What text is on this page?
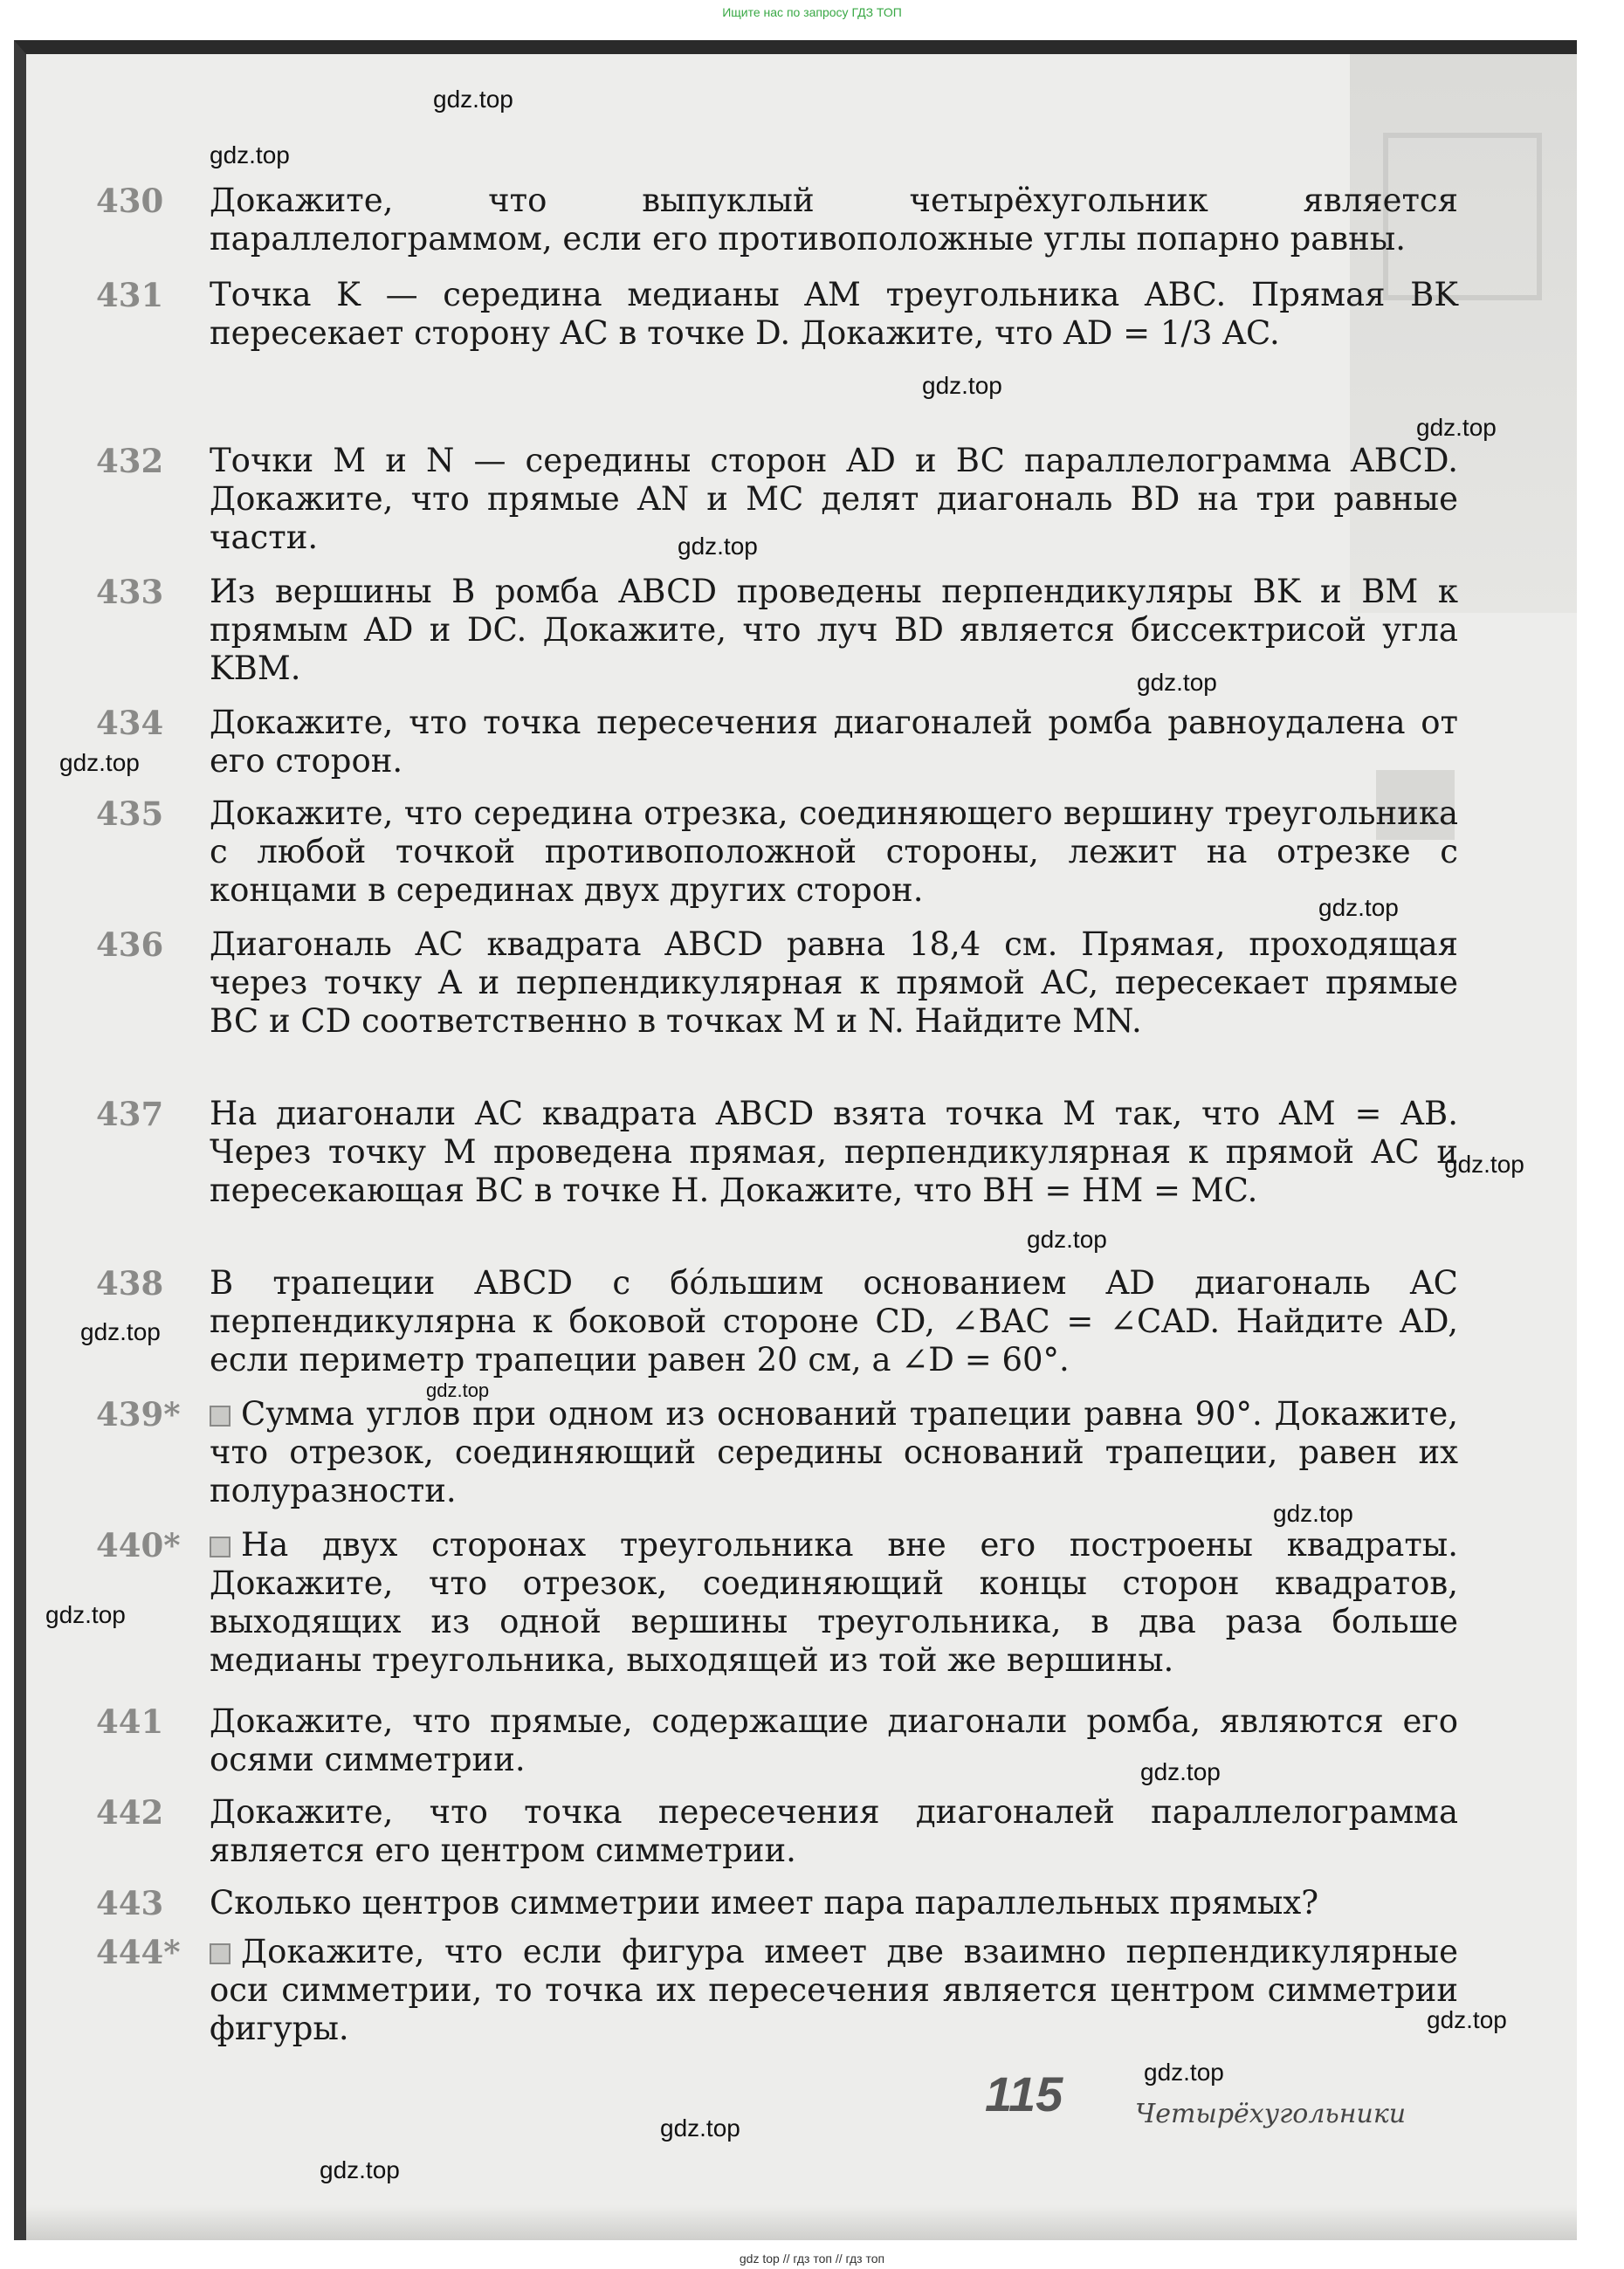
Ищите нас по запросу ГДЗ ТОП
430	Докажите, что выпуклый четырёхугольник является параллелограммом, если его противоположные углы попарно равны.
431	Точка K — середина медианы AM треугольника ABC. Прямая BK пересекает сторону AC в точке D. Докажите, что AD = 1/3 AC.
432	Точки M и N — середины сторон AD и BC параллелограмма ABCD. Докажите, что прямые AN и MC делят диагональ BD на три равные части.
433	Из вершины B ромба ABCD проведены перпендикуляры BK и BM к прямым AD и DC. Докажите, что луч BD является биссектрисой угла KBM.
434	Докажите, что точка пересечения диагоналей ромба равноудалена от его сторон.
435	Докажите, что середина отрезка, соединяющего вершину треугольника с любой точкой противоположной стороны, лежит на отрезке с концами в серединах двух других сторон.
436	Диагональ AC квадрата ABCD равна 18,4 см. Прямая, проходящая через точку A и перпендикулярная к прямой AC, пересекает прямые BC и CD соответственно в точках M и N. Найдите MN.
437	На диагонали AC квадрата ABCD взята точка M так, что AM = AB. Через точку M проведена прямая, перпендикулярная к прямой AC и пересекающая BC в точке H. Докажите, что BH = HM = MC.
438	В трапеции ABCD с бóльшим основанием AD диагональ AC перпендикулярна к боковой стороне CD, ∠BAC = ∠CAD. Найдите AD, если периметр трапеции равен 20 см, а ∠D = 60°.
439*	Сумма углов при одном из оснований трапеции равна 90°. Докажите, что отрезок, соединяющий середины оснований трапеции, равен их полуразности.
440*	На двух сторонах треугольника вне его построены квадраты. Докажите, что отрезок, соединяющий концы сторон квадратов, выходящих из одной вершины треугольника, в два раза больше медианы треугольника, выходящей из той же вершины.
441	Докажите, что прямые, содержащие диагонали ромба, являются его осями симметрии.
442	Докажите, что точка пересечения диагоналей параллелограмма является его центром симметрии.
443	Сколько центров симметрии имеет пара параллельных прямых?
444*	Докажите, что если фигура имеет две взаимно перпендикулярные оси симметрии, то точка их пересечения является центром симметрии фигуры.
gdz.top
gdz.top
gdz.top
gdz.top
gdz.top
gdz.top
gdz.top
gdz.top
gdz.top
gdz.top
gdz.top
gdz.top
gdz.top
gdz.top
gdz.top
gdz.top
gdz.top
gdz.top
gdz.top
115	Четырёхугольники
gdz top // гдз топ // гдз топ
